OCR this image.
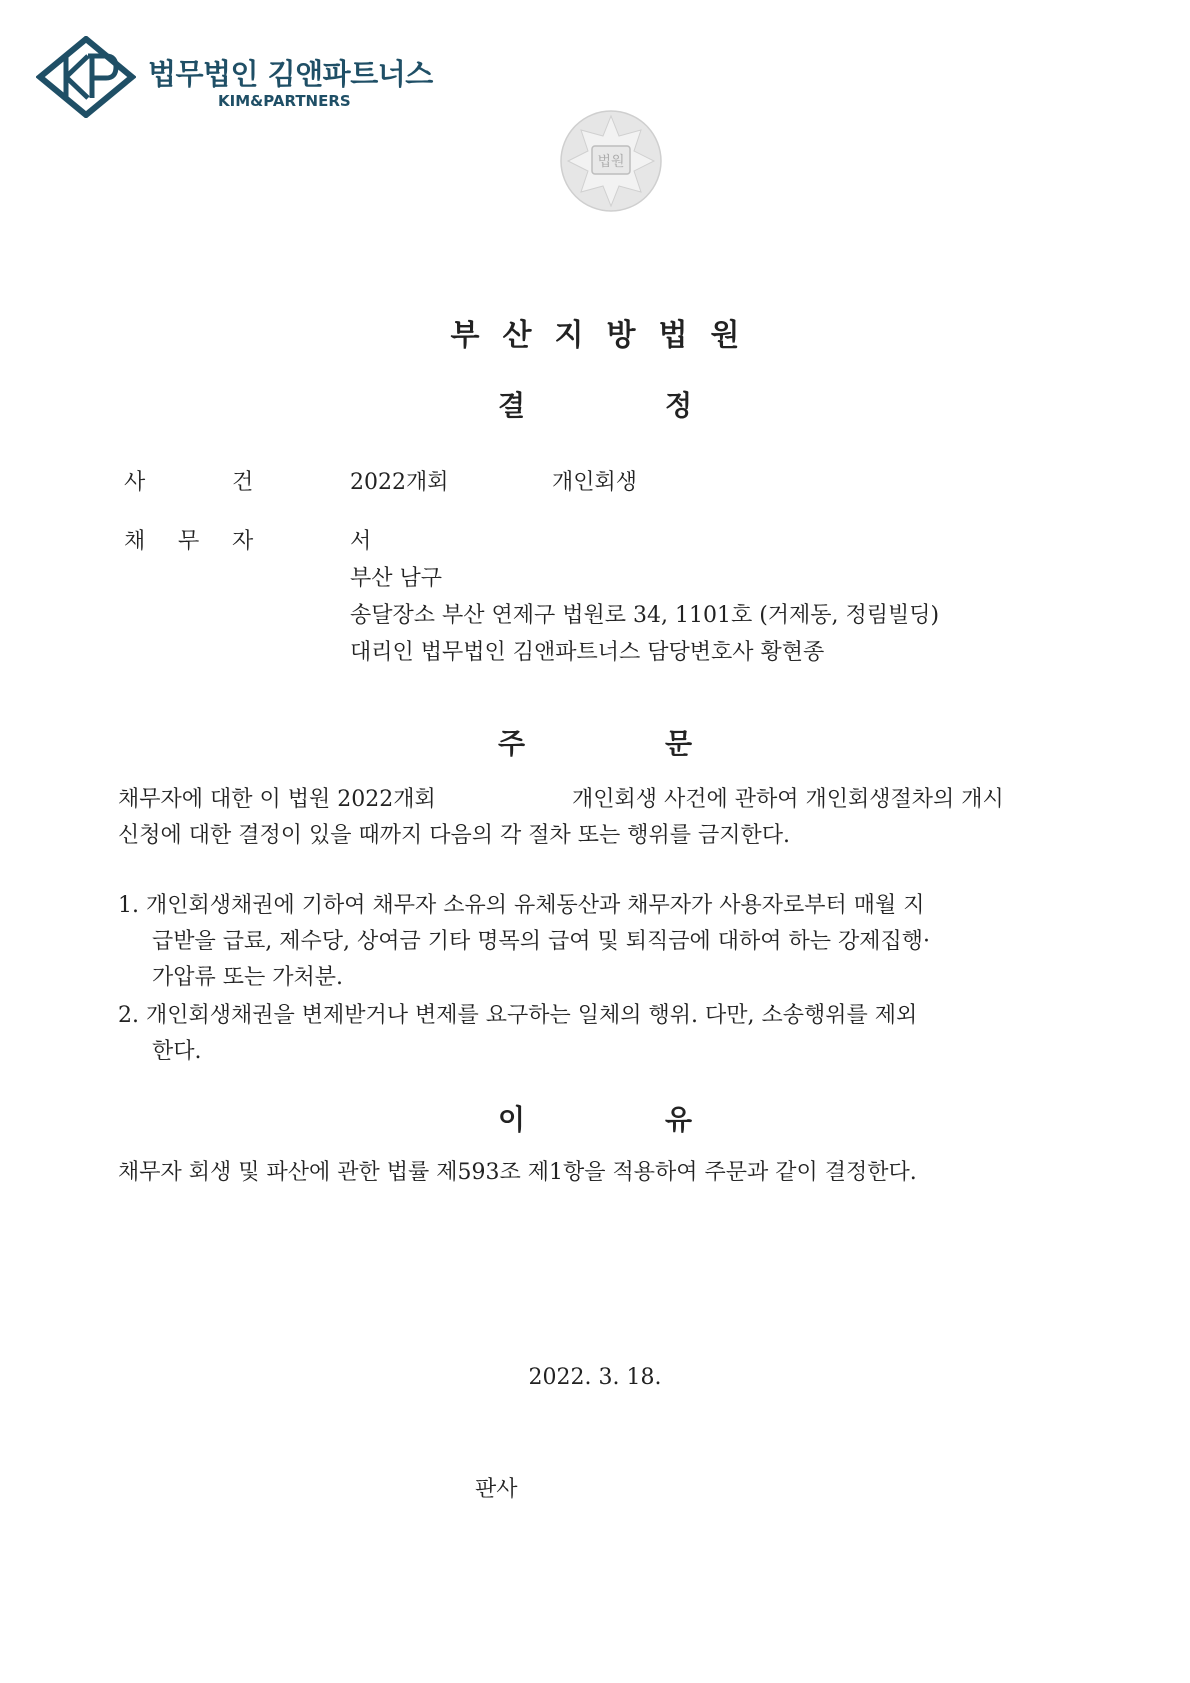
법무법인 김앤파트너스
KIM&PARTNERS
법원
부산지방법원
결	정
사	건	2022개회	개인회생
채 무 자	서
부산 남구
송달장소 부산 연제구 법원로 34, 1101호 (거제동, 정림빌딩)
대리인 법무법인 김앤파트너스 담당변호사 황현종
주	문
채무자에 대한 이 법원 2022개회	개인회생 사건에 관하여 개인회생절차의 개시
신청에 대한 결정이 있을 때까지 다음의 각 절차 또는 행위를 금지한다.
1. 개인회생채권에 기하여 채무자 소유의 유체동산과 채무자가 사용자로부터 매월 지
급받을 급료, 제수당, 상여금 기타 명목의 급여 및 퇴직금에 대하여 하는 강제집행·
가압류 또는 가처분.
2. 개인회생채권을 변제받거나 변제를 요구하는 일체의 행위. 다만, 소송행위를 제외
한다.
이	유
채무자 회생 및 파산에 관한 법률 제593조 제1항을 적용하여 주문과 같이 결정한다.
2022. 3. 18.
판사
